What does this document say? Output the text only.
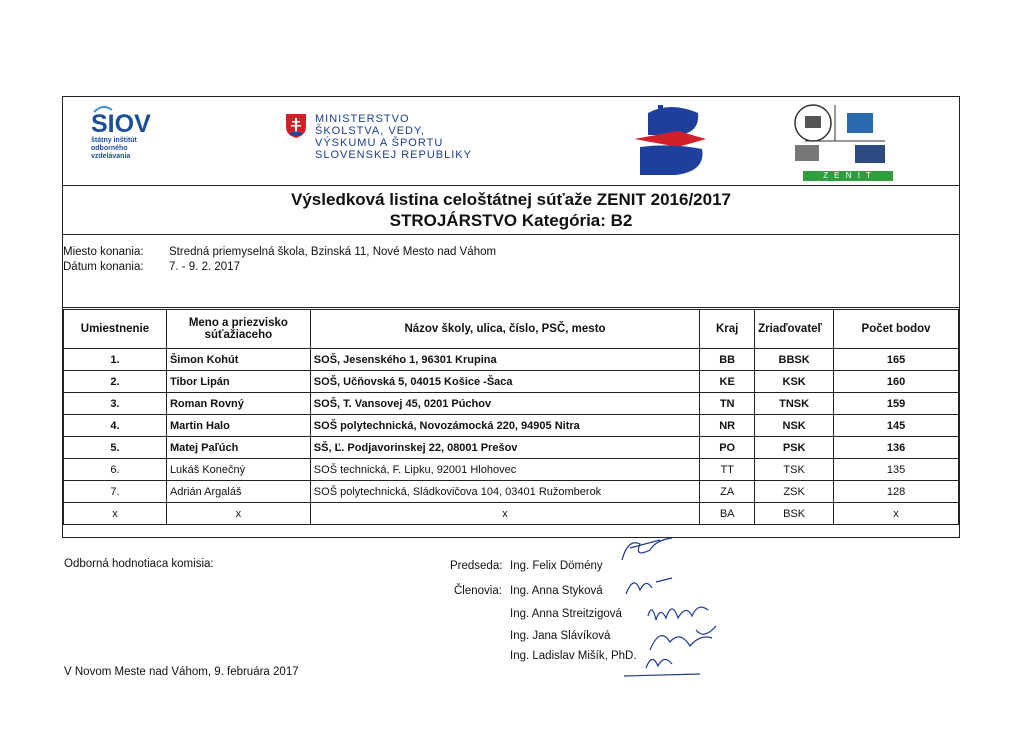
SIOV
štátny inštitút
odborného
vzdelávania
MINISTERSTVO
ŠKOLSTVA, VEDY,
VÝSKUMU A ŠPORTU
SLOVENSKEJ REPUBLIKY
Z E N I T
Výsledková listina celoštátnej súťaže ZENIT 2016/2017
STROJÁRSTVO Kategória: B2
Miesto konania: Stredná priemyselná škola, Bzinská 11, Nové Mesto nad Váhom
Dátum konania: 7. - 9. 2. 2017
Umiestnenie	Meno a priezvisko súťažiaceho	Názov školy, ulica, číslo, PSČ, mesto	Kraj	Zriaďovateľ	Počet bodov
1.	Šimon Kohút	SOŠ, Jesenského 1, 96301 Krupina	BB	BBSK	165
2.	Tibor Lipán	SOŠ, Učňovská 5, 04015 Košice -Šaca	KE	KSK	160
3.	Roman Rovný	SOŠ, T. Vansovej 45, 0201 Púchov	TN	TNSK	159
4.	Martin Halo	SOŠ polytechnická, Novozámocká 220, 94905 Nitra	NR	NSK	145
5.	Matej Paľúch	SŠ, Ľ. Podjavorinskej 22, 08001 Prešov	PO	PSK	136
6.	Lukáš Konečný	SOŠ technická, F. Lipku, 92001 Hlohovec	TT	TSK	135
7.	Adrián Argaláš	SOŠ polytechnická, Sládkovičova 104, 03401 Ružomberok	ZA	ZSK	128
x	x	x	BA	BSK	x
Odborná hodnotiaca komisia:	Predseda: Ing. Felix Dömény
Členovia: Ing. Anna Styková
Ing. Anna Streitzigová
Ing. Jana Slávíková
Ing. Ladislav Mišík, PhD.
V Novom Meste nad Váhom, 9. februára 2017
